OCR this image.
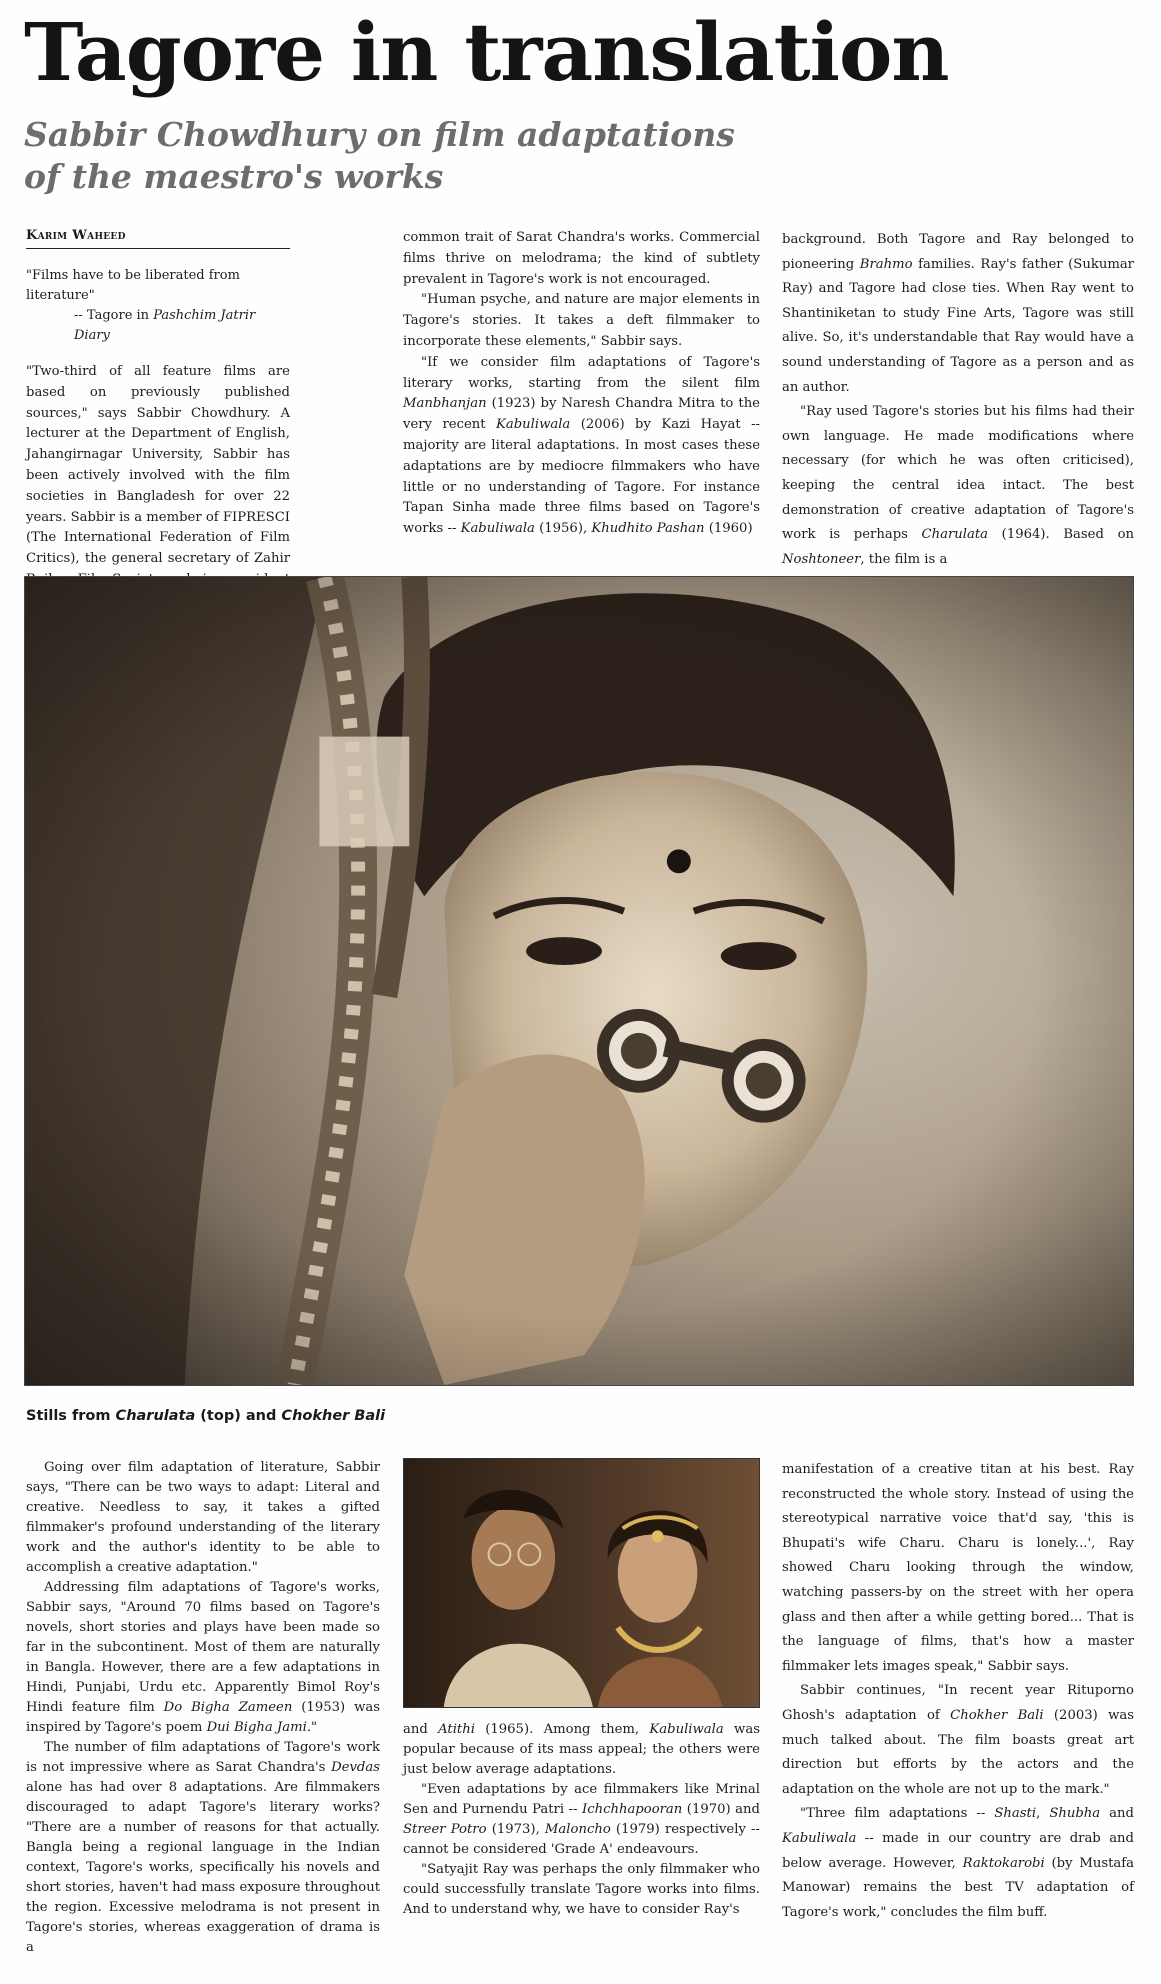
Tagore in translation
Sabbir Chowdhury on film adaptations
of the maestro's works
Karim Waheed
"Films have to be liberated from literature"
-- Tagore in Pashchim Jatrir Diary

"Two-third of all feature films are based on previously published sources," says Sabbir Chowdhury. A lecturer at the Department of English, Jahangirnagar University, Sabbir has been actively involved with the film societies in Bangladesh for over 22 years. Sabbir is a member of FIPRESCI (The International Federation of Film Critics), the general secretary of Zahir

common trait of Sarat Chandra's works. Commercial films thrive on melodrama; the kind of subtlety prevalent in Tagore's work is not encouraged.

"Human psyche, and nature are major elements in Tagore's stories. It takes a deft filmmaker to incorporate these elements," Sabbir says.

"If we consider film adaptations of Tagore's literary works, starting from the silent film Manbhanjan (1923) by Naresh Chandra Mitra to the very recent Kabuliwala (2006) by Kazi Hayat -- majority are literal adaptations. In most cases these adaptations are by mediocre filmmakers who have little or no understanding of Tagore. For instance Tapan Sinha made three films based on Tagore's works -- Kabuliwala (1956), Khudhito Pashan (1960)

background. Both Tagore and Ray belonged to pioneering Brahmo families. Ray's father (Sukumar Ray) and Tagore had close ties. When Ray went to Shantiniketan to study Fine Arts, Tagore was still alive. So, it's understandable that Ray would have a sound understanding of Tagore as a person and as an author.

"Ray used Tagore's stories but his films had their own language. He made modifications where necessary (for which he was often criticised), keeping the central idea intact. The best demonstration of creative adaptation of Tagore's work is perhaps Charulata (1964). Based on Noshtoneer, the film is a

Stills from Charulata (top) and Chokher Bali

Going over film adaptation of literature, Sabbir says, "There can be two ways to adapt: Literal and creative. Needless to say, it takes a gifted filmmaker's profound understanding of the literary work and the author's identity to be able to accomplish a creative adaptation."

Addressing film adaptations of Tagore's works, Sabbir says, "Around 70 films based on Tagore's novels, short stories and plays have been made so far in the subcontinent. Most of them are naturally in Bangla. However, there are a few adaptations in Hindi, Punjabi, Urdu etc. Apparently Bimol Roy's Hindi feature film Do Bigha Zameen (1953) was inspired by Tagore's poem Dui Bigha Jami."

The number of film adaptations of Tagore's work is not impressive where as Sarat Chandra's Devdas alone has had over 8 adaptations. Are filmmakers discouraged to adapt Tagore's literary works? "There are a number of reasons for that actually. Bangla being a regional language in the Indian context, Tagore's works, specifically his novels and short stories, haven't had mass exposure throughout the region. Excessive melodrama is not present in Tagore's stories, whereas exaggeration of drama is a

and Atithi (1965). Among them, Kabuliwala was popular because of its mass appeal; the others were just below average adaptations.

"Even adaptations by ace filmmakers like Mrinal Sen and Purnendu Patri -- Ichchhapooran (1970) and Streer Potro (1973), Maloncho (1979) respectively -- cannot be considered 'Grade A' endeavours.

"Satyajit Ray was perhaps the only filmmaker who could successfully translate Tagore works into films. And to understand why, we have to consider Ray's

manifestation of a creative titan at his best. Ray reconstructed the whole story. Instead of using the stereotypical narrative voice that'd say, 'this is Bhupati's wife Charu. Charu is lonely...', Ray showed Charu looking through the window, watching passers-by on the street with her opera glass and then after a while getting bored... That is the language of films, that's how a master filmmaker lets images speak," Sabbir says.

Sabbir continues, "In recent year Rituporno Ghosh's adaptation of Chokher Bali (2003) was much talked about. The film boasts great art direction but efforts by the actors and the adaptation on the whole are not up to the mark."

"Three film adaptations -- Shasti, Shubha and Kabuliwala -- made in our country are drab and below average. However, Raktokarobi (by Mustafa Manowar) remains the best TV adaptation of Tagore's work," concludes the film buff.
